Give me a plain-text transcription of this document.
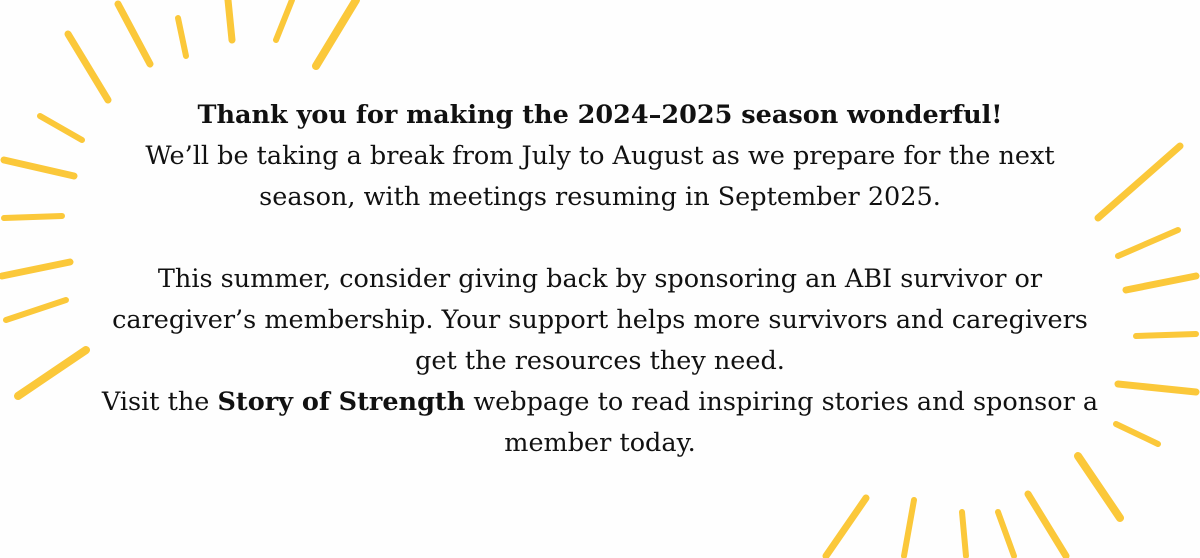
Thank you for making the 2024–2025 season wonderful!

We’ll be taking a break from July to August as we prepare for the next
season, with meetings resuming in September 2025.

This summer, consider giving back by sponsoring an ABI survivor or
caregiver’s membership. Your support helps more survivors and caregivers
get the resources they need.

Visit the Story of Strength webpage to read inspiring stories and sponsor a
member today.
